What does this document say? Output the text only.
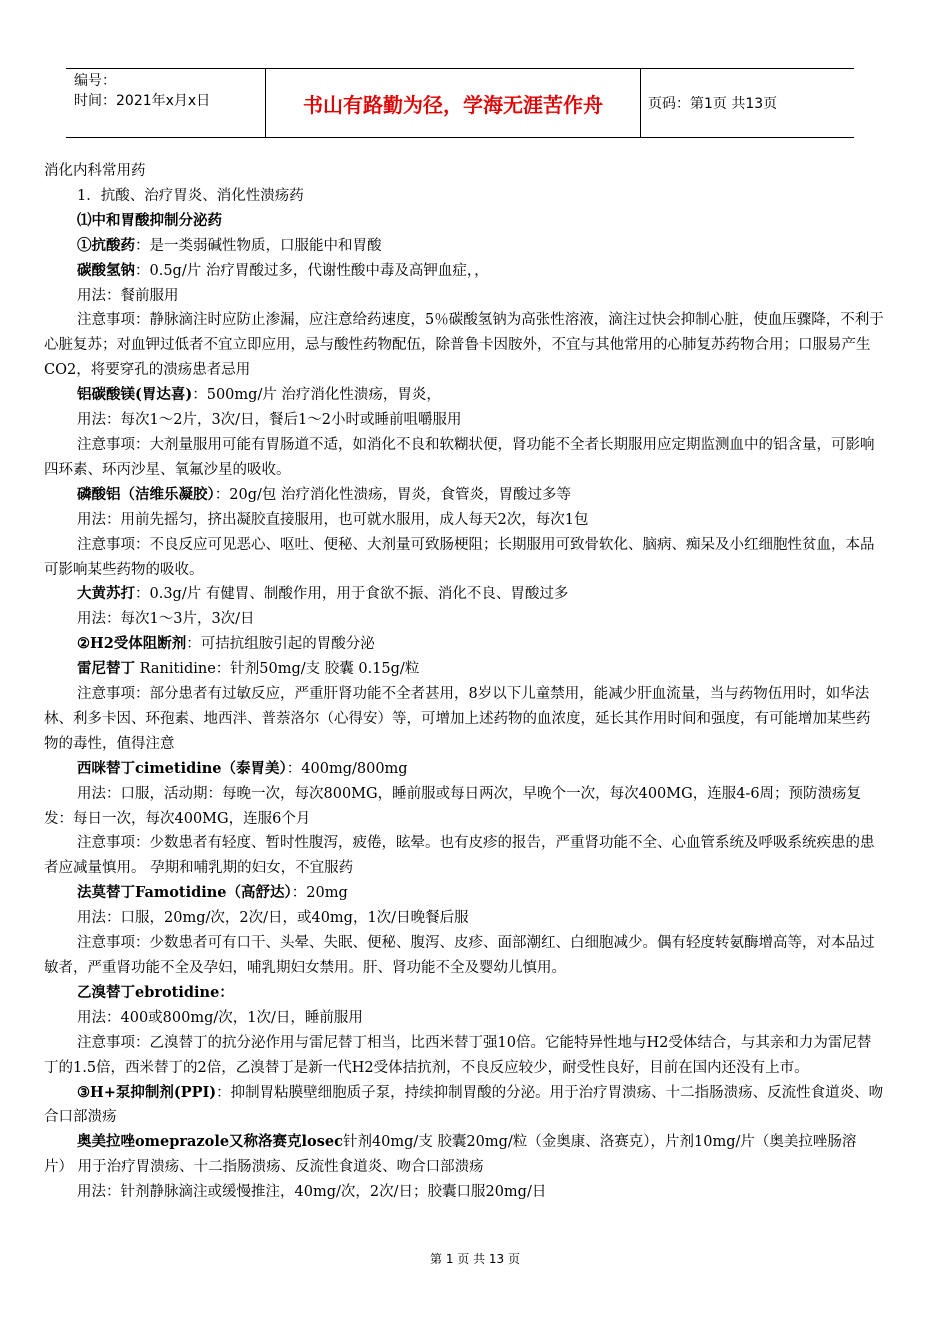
编号：
时间：2021年x月x日	书山有路勤为径，学海无涯苦作舟	页码：第1页 共13页

消化内科常用药

1．抗酸、治疗胃炎、消化性溃疡药

⑴中和胃酸抑制分泌药

①抗酸药：是一类弱碱性物质，口服能中和胃酸

碳酸氢钠：0.5g/片 治疗胃酸过多，代谢性酸中毒及高钾血症，，

用法：餐前服用

注意事项：静脉滴注时应防止渗漏，应注意给药速度，5％碳酸氢钠为高张性溶液，滴注过快会抑制心脏，使血压骤降，不利于心脏复苏；对血钾过低者不宜立即应用，忌与酸性药物配伍，除普鲁卡因胺外，不宜与其他常用的心肺复苏药物合用；口服易产生CO2，将要穿孔的溃疡患者忌用

铝碳酸镁(胃达喜)：500mg/片 治疗消化性溃疡，胃炎，

用法：每次1～2片，3次/日，餐后1～2小时或睡前咀嚼服用

注意事项：大剂量服用可能有胃肠道不适，如消化不良和软糊状便，肾功能不全者长期服用应定期监测血中的铝含量，可影响四环素、环丙沙星、氧氟沙星的吸收。

磷酸铝（洁维乐凝胶）：20g/包 治疗消化性溃疡，胃炎，食管炎，胃酸过多等

用法：用前先摇匀，挤出凝胶直接服用，也可就水服用，成人每天2次，每次1包

注意事项：不良反应可见恶心、呕吐、便秘、大剂量可致肠梗阻；长期服用可致骨软化、脑病、痴呆及小红细胞性贫血，本品可影响某些药物的吸收。

大黄苏打：0.3g/片 有健胃、制酸作用，用于食欲不振、消化不良、胃酸过多

用法：每次1～3片，3次/日

②H2受体阻断剂：可拮抗组胺引起的胃酸分泌

雷尼替丁 Ranitidine：针剂50mg/支 胶囊 0.15g/粒

注意事项：部分患者有过敏反应，严重肝肾功能不全者甚用，8岁以下儿童禁用，能减少肝血流量，当与药物伍用时，如华法林、利多卡因、环孢素、地西泮、普萘洛尔（心得安）等，可增加上述药物的血浓度，延长其作用时间和强度，有可能增加某些药物的毒性，值得注意

西咪替丁cimetidine（泰胃美）：400mg/800mg

用法：口服，活动期：每晚一次，每次800MG，睡前服或每日两次，早晚个一次，每次400MG，连服4-6周；预防溃疡复发：每日一次，每次400MG，连服6个月

注意事项：少数患者有轻度、暂时性腹泻，疲倦，眩晕。也有皮疹的报告，严重肾功能不全、心血管系统及呼吸系统疾患的患者应减量慎用。 孕期和哺乳期的妇女，不宜服药

法莫替丁Famotidine（高舒达）：20mg

用法：口服，20mg/次，2次/日，或40mg，1次/日晚餐后服

注意事项：少数患者可有口干、头晕、失眠、便秘、腹泻、皮疹、面部潮红、白细胞减少。偶有轻度转氨酶增高等，对本品过敏者，严重肾功能不全及孕妇，哺乳期妇女禁用。肝、肾功能不全及婴幼儿慎用。

乙溴替丁ebrotidine：

用法：400或800mg/次，1次/日，睡前服用

注意事项：乙溴替丁的抗分泌作用与雷尼替丁相当，比西米替丁强10倍。它能特异性地与H2受体结合，与其亲和力为雷尼替丁的1.5倍，西米替丁的2倍，乙溴替丁是新一代H2受体拮抗剂，不良反应较少，耐受性良好，目前在国内还没有上市。

③H+泵抑制剂(PPI)：抑制胃粘膜壁细胞质子泵，持续抑制胃酸的分泌。用于治疗胃溃疡、十二指肠溃疡、反流性食道炎、吻合口部溃疡

奥美拉唑omeprazole又称洛赛克losec针剂40mg/支 胶囊20mg/粒（金奥康、洛赛克），片剂10mg/片（奥美拉唑肠溶片） 用于治疗胃溃疡、十二指肠溃疡、反流性食道炎、吻合口部溃疡

用法：针剂静脉滴注或缓慢推注，40mg/次，2次/日；胶囊口服20mg/日

第 1 页 共 13 页
